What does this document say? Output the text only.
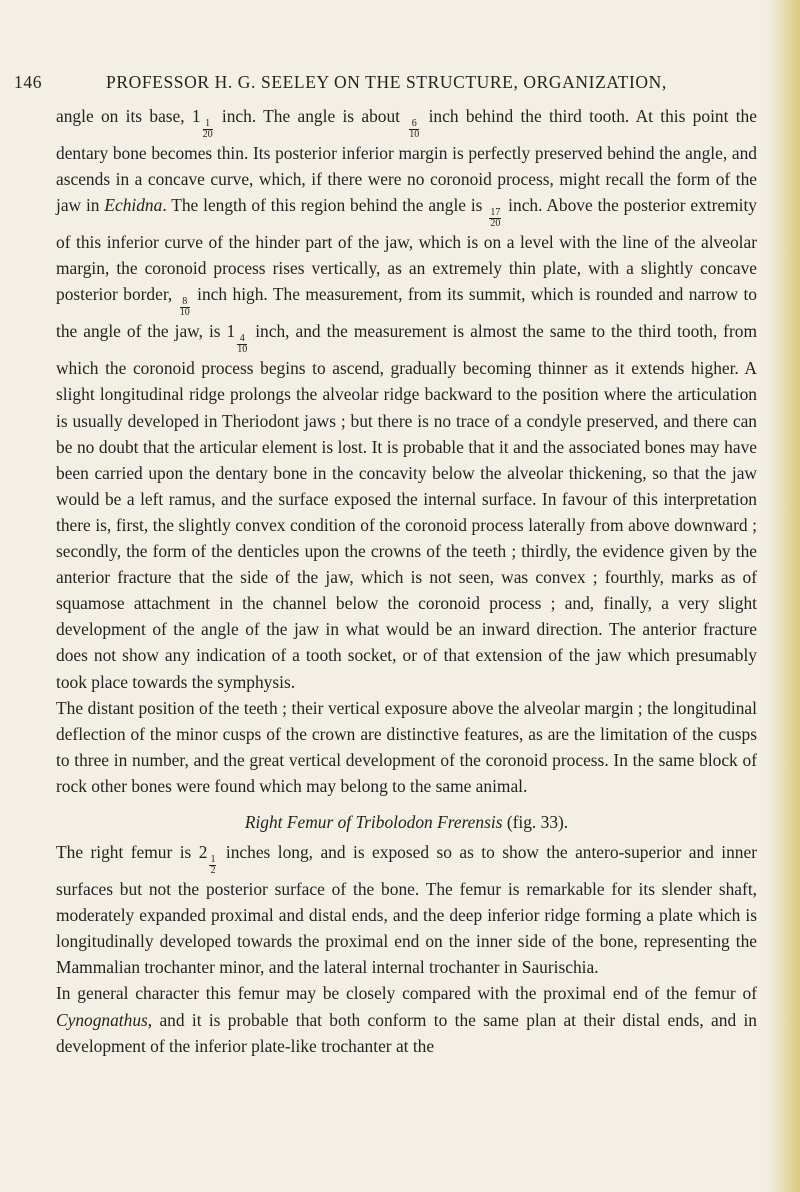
146	PROFESSOR H. G. SEELEY ON THE STRUCTURE, ORGANIZATION,

angle on its base, 1
$\frac{1}{20}$
inch. The angle is about
$\frac{6}{10}$
inch behind the third tooth. At this point the dentary bone becomes thin. Its posterior inferior margin is perfectly preserved behind the angle, and ascends in a concave curve, which, if there were no coronoid process, might recall the form of the jaw in Echidna. The length of this region behind the angle is
$\frac{17}{20}$
inch. Above the posterior extremity of this inferior curve of the hinder part of the jaw, which is on a level with the line of the alveolar margin, the coronoid process rises vertically, as an extremely thin plate, with a slightly concave posterior border,
$\frac{8}{10}$
inch high. The measurement, from its summit, which is rounded and narrow to the angle of the jaw, is 1
$\frac{4}{10}$
inch, and the measurement is almost the same to the third tooth, from which the coronoid process begins to ascend, gradually becoming thinner as it extends higher. A slight longitudinal ridge prolongs the alveolar ridge backward to the position where the articulation is usually developed in Theriodont jaws ; but there is no trace of a condyle preserved, and there can be no doubt that the articular element is lost. It is probable that it and the associated bones may have been carried upon the dentary bone in the concavity below the alveolar thickening, so that the jaw would be a left ramus, and the surface exposed the internal surface. In favour of this interpretation there is, first, the slightly convex condition of the coronoid process laterally from above downward ; secondly, the form of the denticles upon the crowns of the teeth ; thirdly, the evidence given by the anterior fracture that the side of the jaw, which is not seen, was convex ; fourthly, marks as of squamose attachment in the channel below the coronoid process ; and, finally, a very slight development of the angle of the jaw in what would be an inward direction. The anterior fracture does not show any indication of a tooth socket, or of that extension of the jaw which presumably took place towards the symphysis.

The distant position of the teeth ; their vertical exposure above the alveolar margin ; the longitudinal deflection of the minor cusps of the crown are distinctive features, as are the limitation of the cusps to three in number, and the great vertical development of the coronoid process. In the same block of rock other bones were found which may belong to the same animal.

Right Femur of Tribolodon Frerensis (fig. 33).

The right femur is 2
$\frac{1}{2}$
inches long, and is exposed so as to show the antero-superior and inner surfaces but not the posterior surface of the bone. The femur is remarkable for its slender shaft, moderately expanded proximal and distal ends, and the deep inferior ridge forming a plate which is longitudinally developed towards the proximal end on the inner side of the bone, representing the Mammalian trochanter minor, and the lateral internal trochanter in Saurischia.

In general character this femur may be closely compared with the proximal end of the femur of Cynognathus, and it is probable that both conform to the same plan at their distal ends, and in development of the inferior plate-like trochanter at the
